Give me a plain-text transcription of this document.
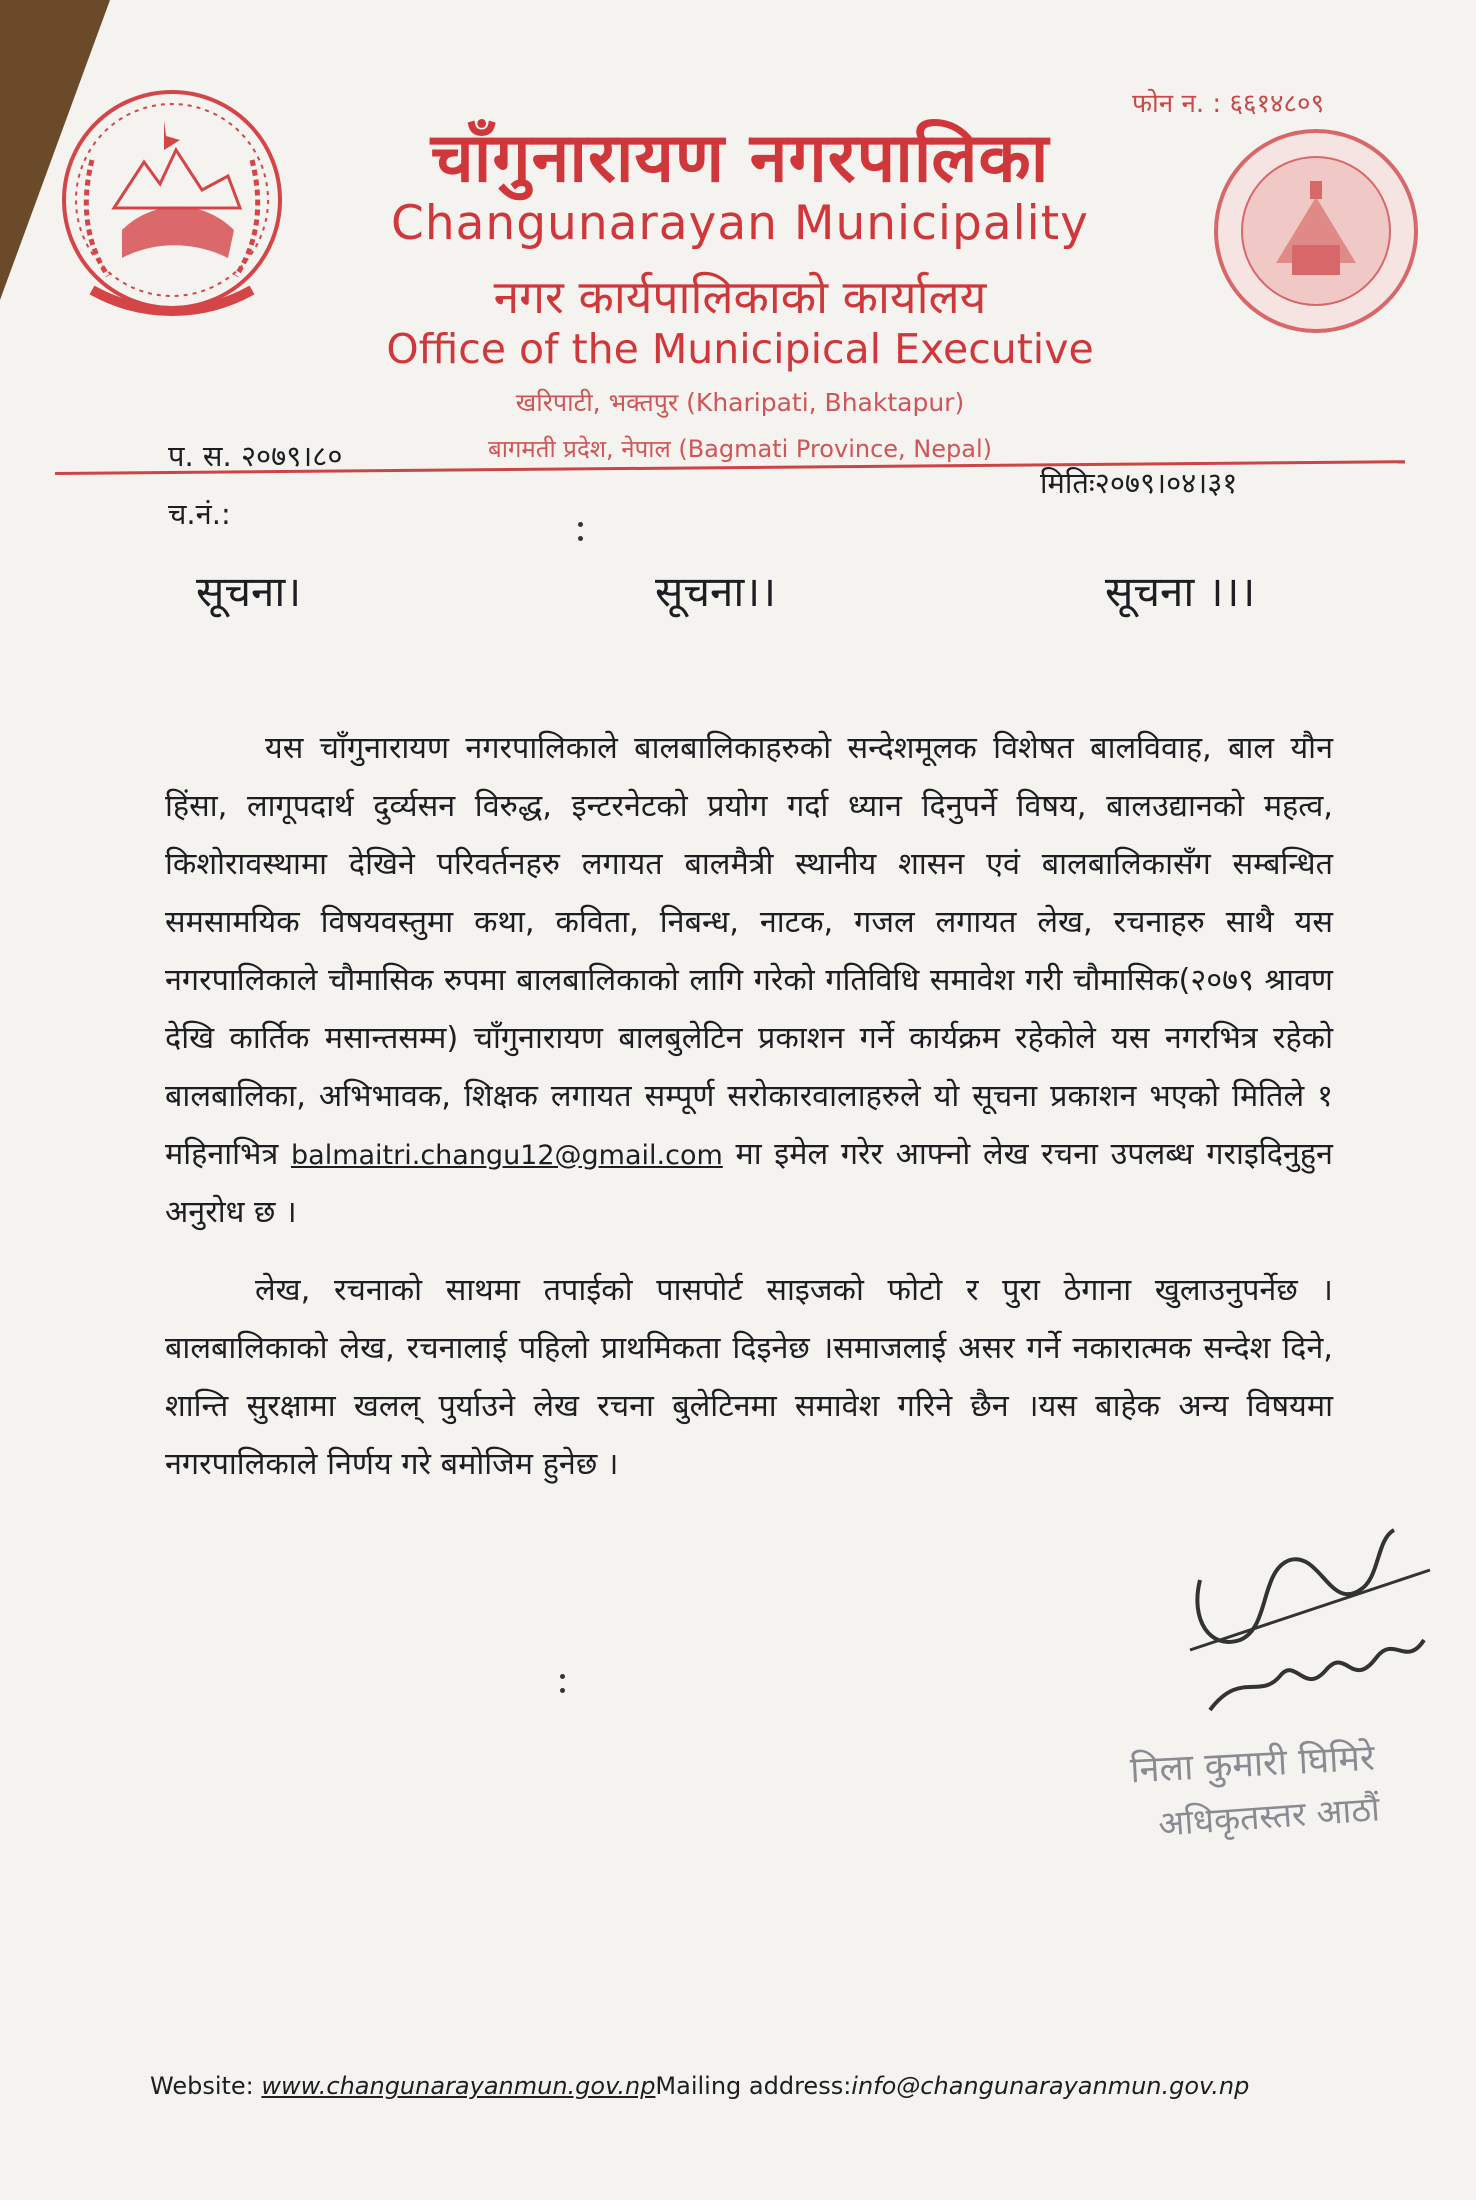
फोन न. : ६६१४८०९
चाँगुनारायण नगरपालिका
Changunarayan Municipality
नगर कार्यपालिकाको कार्यालय
Office of the Municipical Executive
खरिपाटी, भक्तपुर (Kharipati, Bhaktapur)
बागमती प्रदेश, नेपाल (Bagmati Province, Nepal)
प. स. २०७९।८०
मितिः२०७९।०४।३१
च.नं.:
सूचना।	सूचना।।	सूचना ।।।
यस चाँगुनारायण नगरपालिकाले बालबालिकाहरुको सन्देशमूलक विशेषत बालविवाह, बाल यौन हिंसा, लागूपदार्थ दुर्व्यसन विरुद्ध, इन्टरनेटको प्रयोग गर्दा ध्यान दिनुपर्ने विषय, बालउद्यानको महत्व, किशोरावस्थामा देखिने परिवर्तनहरु लगायत बालमैत्री स्थानीय शासन एवं बालबालिकासँग सम्बन्धित समसामयिक विषयवस्तुमा कथा, कविता, निबन्ध, नाटक, गजल लगायत लेख, रचनाहरु साथै यस नगरपालिकाले चौमासिक रुपमा बालबालिकाको लागि गरेको गतिविधि समावेश गरी चौमासिक(२०७९ श्रावण देखि कार्तिक मसान्तसम्म) चाँगुनारायण बालबुलेटिन प्रकाशन गर्ने कार्यक्रम रहेकोले यस नगरभित्र रहेको बालबालिका, अभिभावक, शिक्षक लगायत सम्पूर्ण सरोकारवालाहरुले यो सूचना प्रकाशन भएको मितिले १ महिनाभित्र balmaitri.changu12@gmail.com मा इमेल गरेर आफ्नो लेख रचना उपलब्ध गराइदिनुहुन अनुरोध छ ।
लेख, रचनाको साथमा तपाईको पासपोर्ट साइजको फोटो र पुरा ठेगाना खुलाउनुपर्नेछ । बालबालिकाको लेख, रचनालाई पहिलो प्राथमिकता दिइनेछ ।समाजलाई असर गर्ने नकारात्मक सन्देश दिने, शान्ति सुरक्षामा खलल् पुर्याउने लेख रचना बुलेटिनमा समावेश गरिने छैन ।यस बाहेक अन्य विषयमा नगरपालिकाले निर्णय गरे बमोजिम हुनेछ ।
निला कुमारी घिमिरे
अधिकृतस्तर आठौं
Website: www.changunarayanmun.gov.npMailing address:info@changunarayanmun.gov.np
